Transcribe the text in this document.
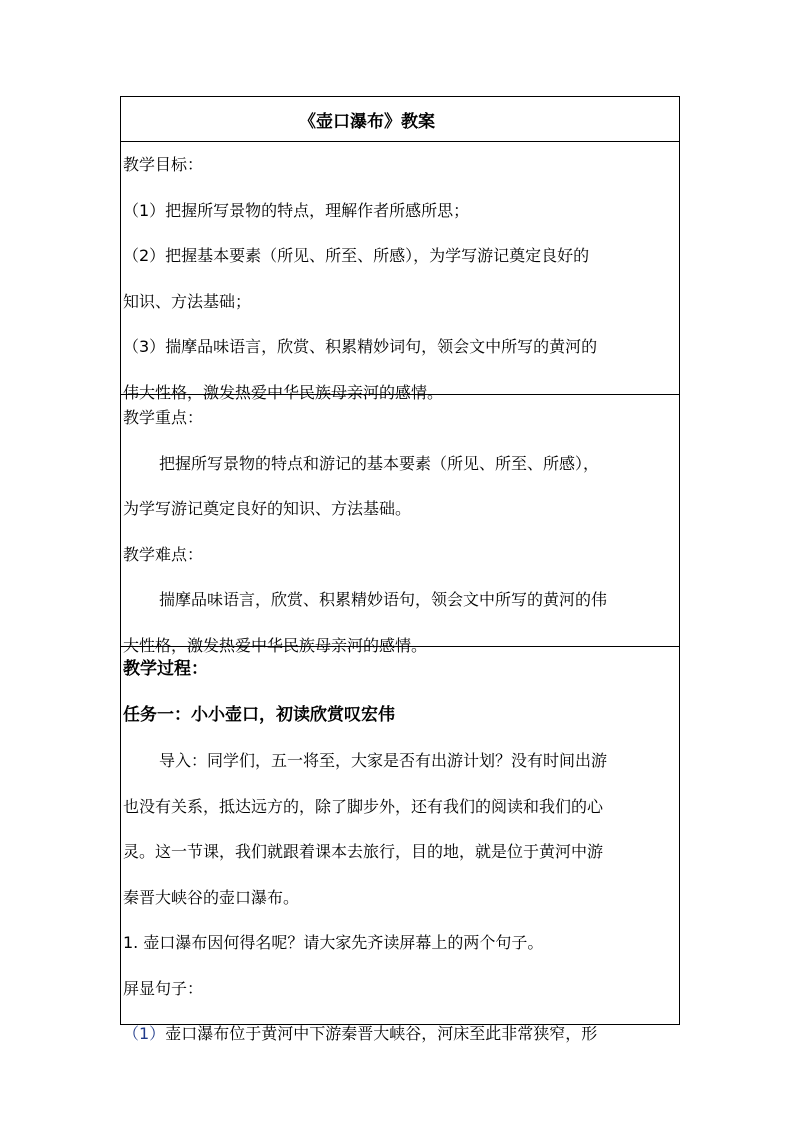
《壶口瀑布》教案
教学目标：
（1）把握所写景物的特点，理解作者所感所思；
（2）把握基本要素（所见、所至、所感），为学写游记奠定良好的
知识、方法基础；
（3）揣摩品味语言，欣赏、积累精妙词句，领会文中所写的黄河的
伟大性格，激发热爱中华民族母亲河的感情。
教学重点：
把握所写景物的特点和游记的基本要素（所见、所至、所感），
为学写游记奠定良好的知识、方法基础。
教学难点：
揣摩品味语言，欣赏、积累精妙语句，领会文中所写的黄河的伟
大性格，激发热爱中华民族母亲河的感情。
教学过程：
任务一：小小壶口，初读欣赏叹宏伟
导入：同学们，五一将至，大家是否有出游计划？没有时间出游
也没有关系，抵达远方的，除了脚步外，还有我们的阅读和我们的心
灵。这一节课，我们就跟着课本去旅行，目的地，就是位于黄河中游
秦晋大峡谷的壶口瀑布。
1. 壶口瀑布因何得名呢？请大家先齐读屏幕上的两个句子。
屏显句子：
（1）壶口瀑布位于黄河中下游秦晋大峡谷，河床至此非常狭窄，形
